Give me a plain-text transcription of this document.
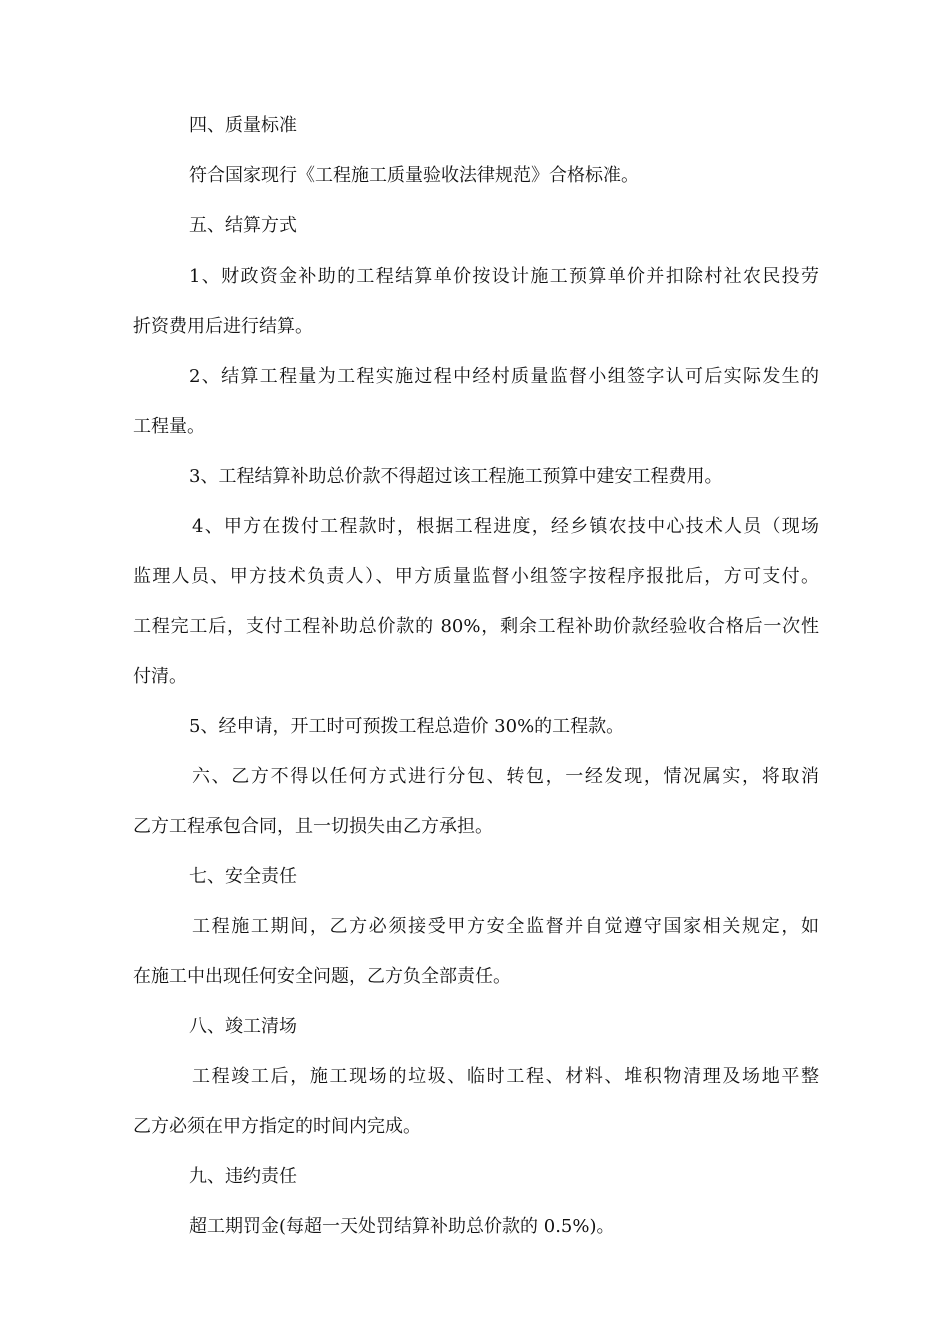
四、质量标准
符合国家现行《工程施工质量验收法律规范》合格标准。
五、结算方式
1、财政资金补助的工程结算单价按设计施工预算单价并扣除村社农民投劳
折资费用后进行结算。
2、结算工程量为工程实施过程中经村质量监督小组签字认可后实际发生的
工程量。
3、工程结算补助总价款不得超过该工程施工预算中建安工程费用。
4、甲方在拨付工程款时，根据工程进度，经乡镇农技中心技术人员（现场
监理人员、甲方技术负责人）、甲方质量监督小组签字按程序报批后，方可支付。
工程完工后，支付工程补助总价款的 80%，剩余工程补助价款经验收合格后一次性
付清。
5、经申请，开工时可预拨工程总造价 30%的工程款。
六、乙方不得以任何方式进行分包、转包，一经发现，情况属实，将取消
乙方工程承包合同，且一切损失由乙方承担。
七、安全责任
工程施工期间，乙方必须接受甲方安全监督并自觉遵守国家相关规定，如
在施工中出现任何安全问题，乙方负全部责任。
八、竣工清场
工程竣工后，施工现场的垃圾、临时工程、材料、堆积物清理及场地平整
乙方必须在甲方指定的时间内完成。
九、违约责任
超工期罚金(每超一天处罚结算补助总价款的 0.5%)。
